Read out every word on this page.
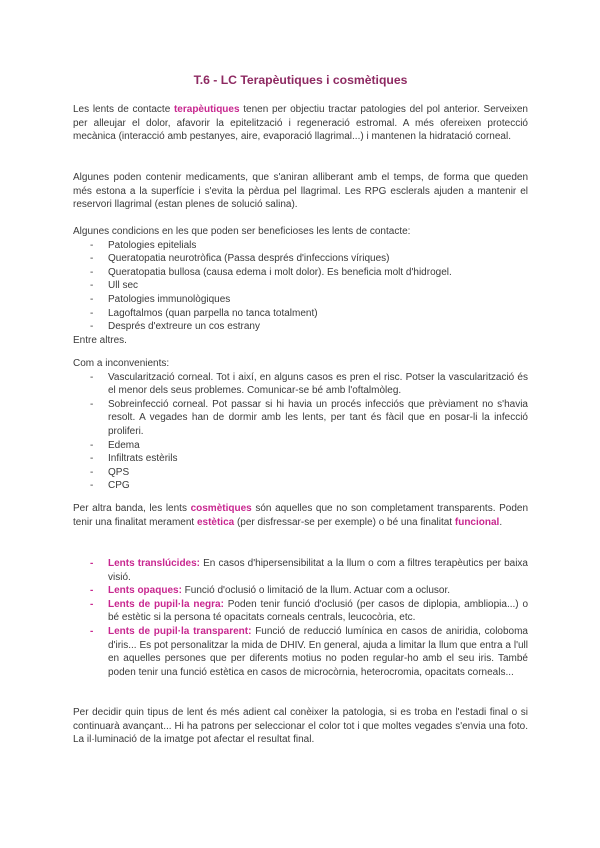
T.6 - LC Terapèutiques i cosmètiques

Les lents de contacte terapèutiques tenen per objectiu tractar patologies del pol anterior. Serveixen per alleujar el dolor, afavorir la epitelització i regeneració estromal. A més ofereixen protecció mecànica (interacció amb pestanyes, aire, evaporació llagrimal...) i mantenen la hidratació corneal.

Algunes poden contenir medicaments, que s'aniran alliberant amb el temps, de forma que queden més estona a la superfície i s'evita la pèrdua pel llagrimal. Les RPG esclerals ajuden a mantenir el reservori llagrimal (estan plenes de solució salina).

Algunes condicions en les que poden ser beneficioses les lents de contacte:

- Patologies epitelials
- Queratopatia neurotròfica (Passa després d'infeccions víriques)
- Queratopatia bullosa (causa edema i molt dolor). Es beneficia molt d'hidrogel.
- Ull sec
- Patologies immunològiques
- Lagoftalmos (quan parpella no tanca totalment)
- Després d'extreure un cos estrany

Entre altres.

Com a inconvenients:

- Vascularització corneal. Tot i així, en alguns casos es pren el risc. Potser la vascularització és el menor dels seus problemes. Comunicar-se bé amb l'oftalmòleg.
- Sobreinfecció corneal. Pot passar si hi havia un procés infecciós que prèviament no s'havia resolt. A vegades han de dormir amb les lents, per tant és fàcil que en posar-li la infecció proliferi.
- Edema
- Infiltrats estèrils
- QPS
- CPG

Per altra banda, les lents cosmètiques són aquelles que no son completament transparents. Poden tenir una finalitat merament estètica (per disfressar-se per exemple) o bé una finalitat funcional.

- Lents translúcides: En casos d'hipersensibilitat a la llum o com a filtres terapèutics per baixa visió.
- Lents opaques: Funció d'oclusió o limitació de la llum. Actuar com a oclusor.
- Lents de pupil·la negra: Poden tenir funció d'oclusió (per casos de diplopia, ambliopia...) o bé estètic si la persona té opacitats corneals centrals, leucocòria, etc.
- Lents de pupil·la transparent: Funció de reducció lumínica en casos de aniridia, coloboma d'iris... Es pot personalitzar la mida de DHIV. En general, ajuda a limitar la llum que entra a l'ull en aquelles persones que per diferents motius no poden regular-ho amb el seu iris. També poden tenir una funció estètica en casos de microcòrnia, heterocromia, opacitats corneals...

Per decidir quin tipus de lent és més adient cal conèixer la patologia, si es troba en l'estadi final o si continuarà avançant... Hi ha patrons per seleccionar el color tot i que moltes vegades s'envia una foto. La il·luminació de la imatge pot afectar el resultat final.
